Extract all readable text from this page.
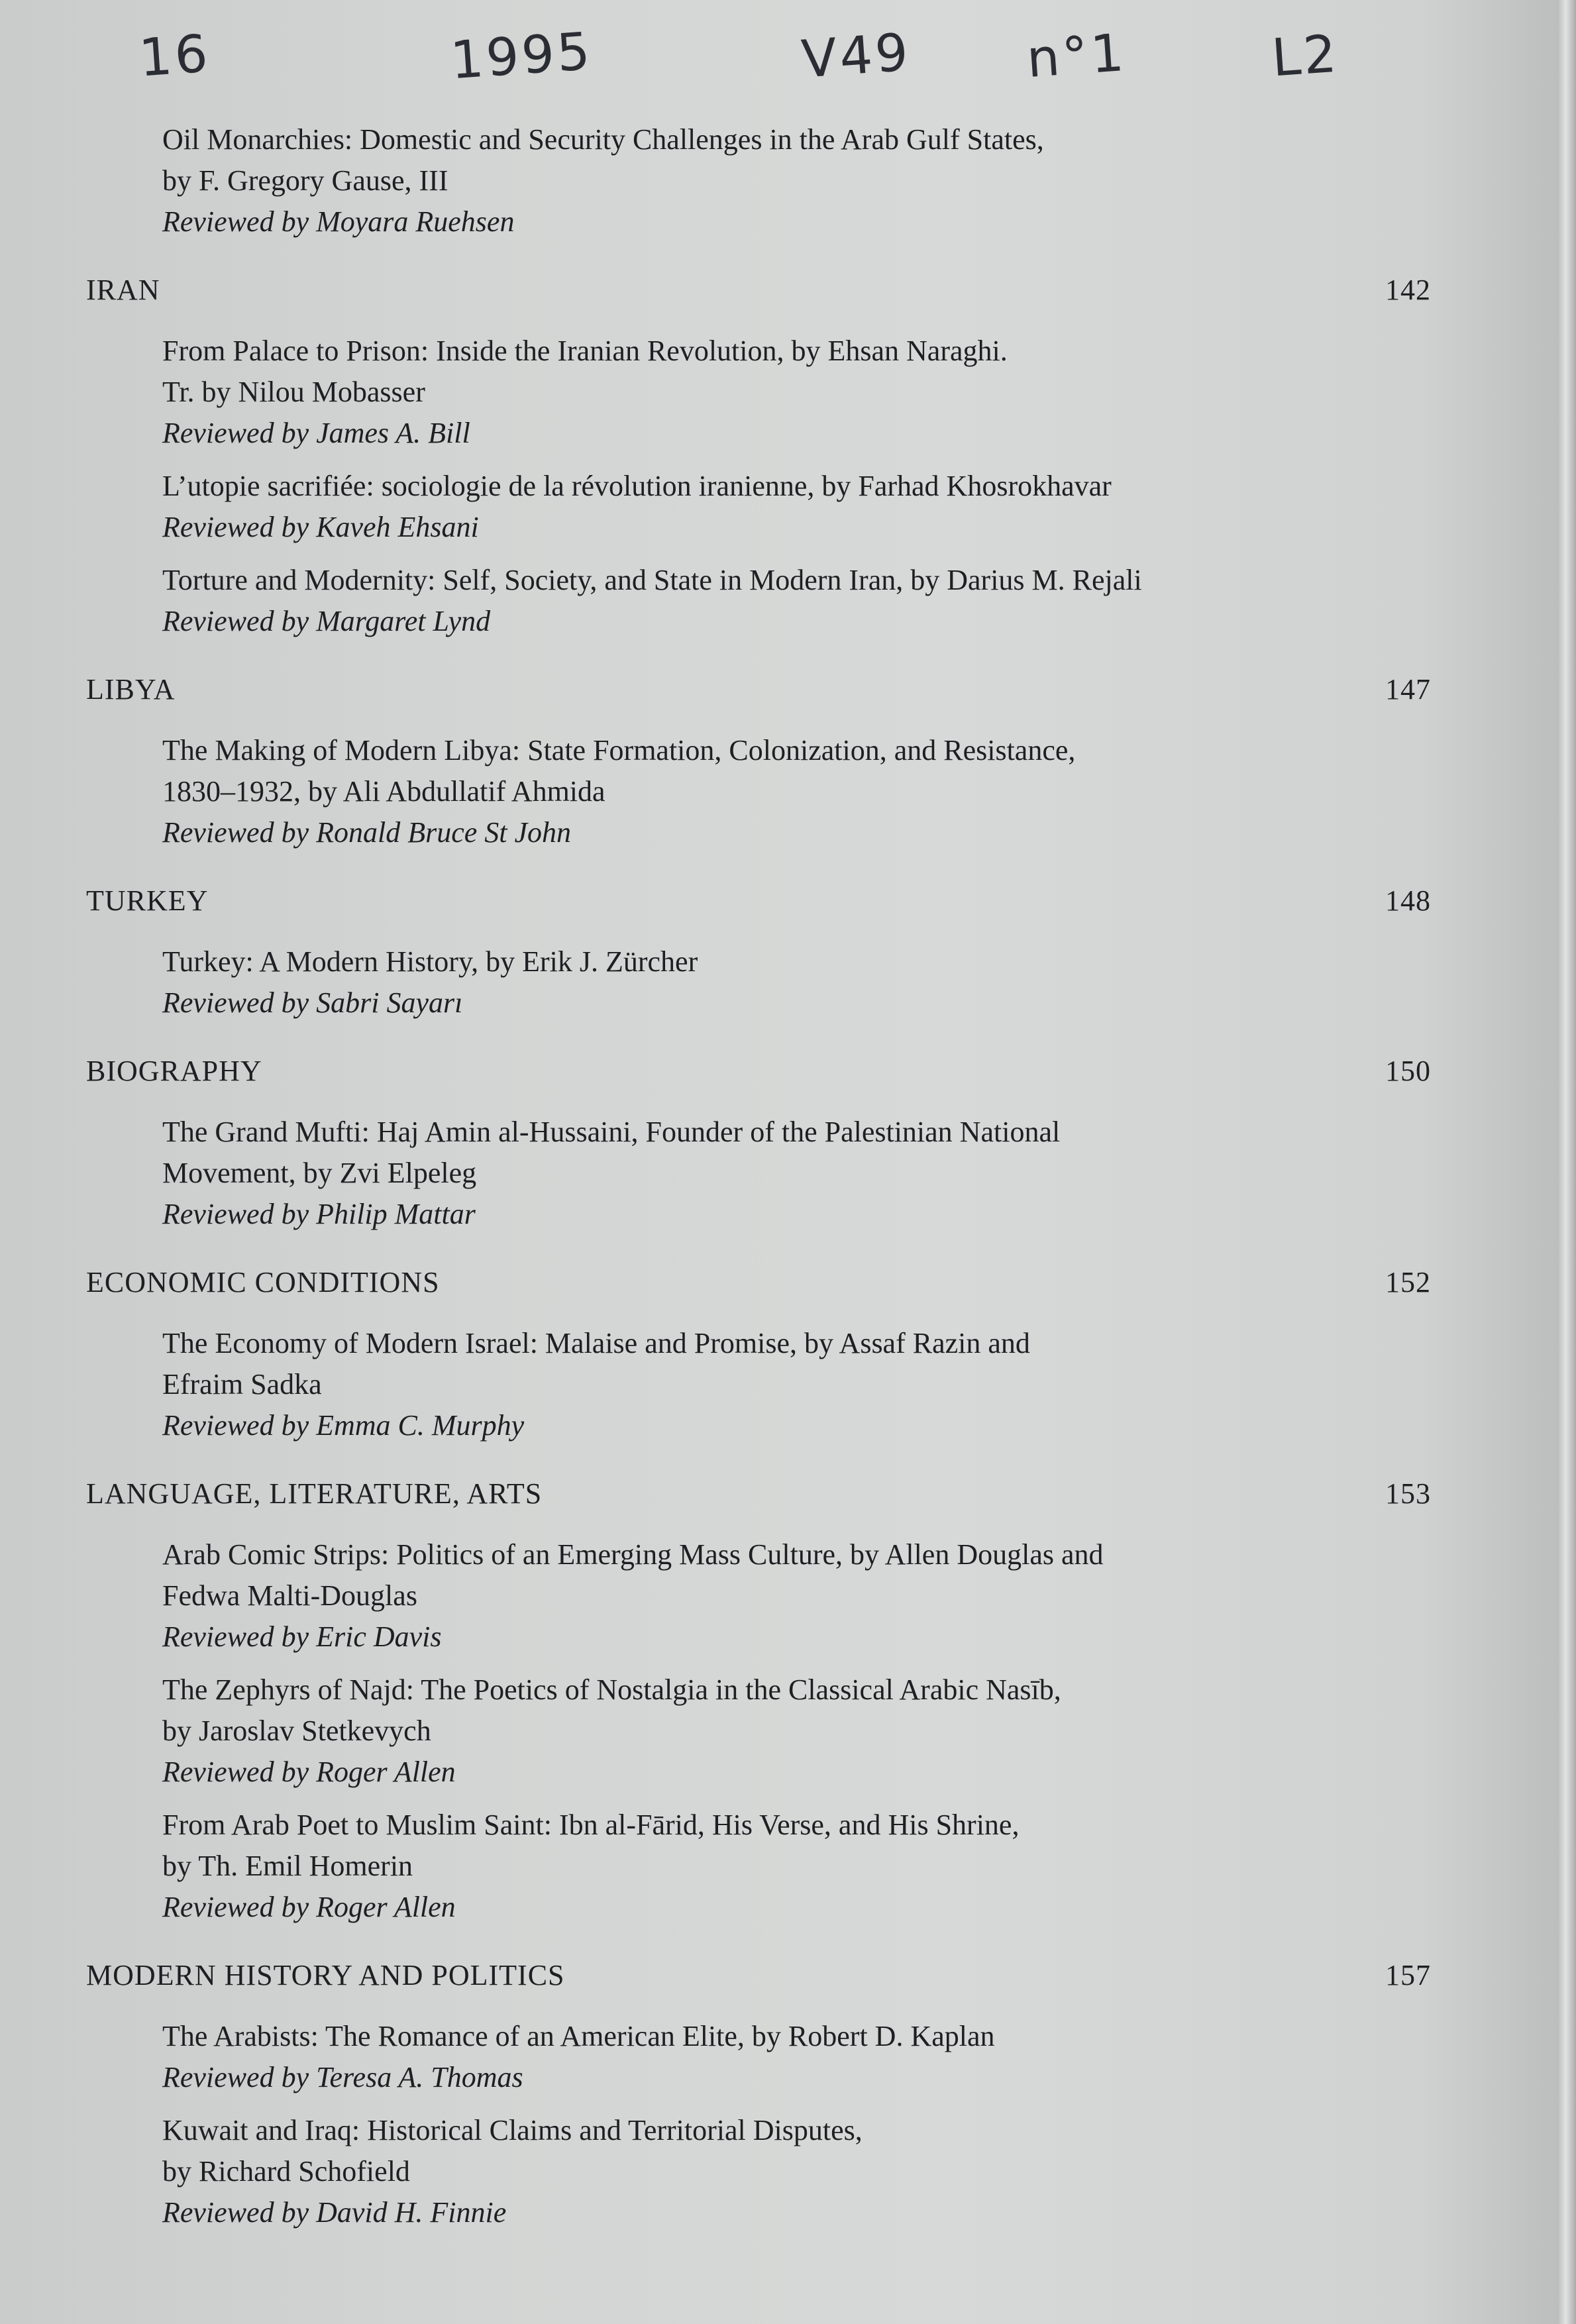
16	1995	V49 n°1	L2
Oil Monarchies: Domestic and Security Challenges in the Arab Gulf States,
by F. Gregory Gause, III
Reviewed by Moyara Ruehsen
IRAN	142
From Palace to Prison: Inside the Iranian Revolution, by Ehsan Naraghi.
Tr. by Nilou Mobasser
Reviewed by James A. Bill
L’utopie sacrifiée: sociologie de la révolution iranienne, by Farhad Khosrokhavar
Reviewed by Kaveh Ehsani
Torture and Modernity: Self, Society, and State in Modern Iran, by Darius M. Rejali
Reviewed by Margaret Lynd
LIBYA	147
The Making of Modern Libya: State Formation, Colonization, and Resistance,
1830–1932, by Ali Abdullatif Ahmida
Reviewed by Ronald Bruce St John
TURKEY	148
Turkey: A Modern History, by Erik J. Zürcher
Reviewed by Sabri Sayarı
BIOGRAPHY	150
The Grand Mufti: Haj Amin al-Hussaini, Founder of the Palestinian National
Movement, by Zvi Elpeleg
Reviewed by Philip Mattar
ECONOMIC CONDITIONS	152
The Economy of Modern Israel: Malaise and Promise, by Assaf Razin and
Efraim Sadka
Reviewed by Emma C. Murphy
LANGUAGE, LITERATURE, ARTS	153
Arab Comic Strips: Politics of an Emerging Mass Culture, by Allen Douglas and
Fedwa Malti-Douglas
Reviewed by Eric Davis
The Zephyrs of Najd: The Poetics of Nostalgia in the Classical Arabic Nasīb,
by Jaroslav Stetkevych
Reviewed by Roger Allen
From Arab Poet to Muslim Saint: Ibn al-Fārid, His Verse, and His Shrine,
by Th. Emil Homerin
Reviewed by Roger Allen
MODERN HISTORY AND POLITICS	157
The Arabists: The Romance of an American Elite, by Robert D. Kaplan
Reviewed by Teresa A. Thomas
Kuwait and Iraq: Historical Claims and Territorial Disputes,
by Richard Schofield
Reviewed by David H. Finnie
